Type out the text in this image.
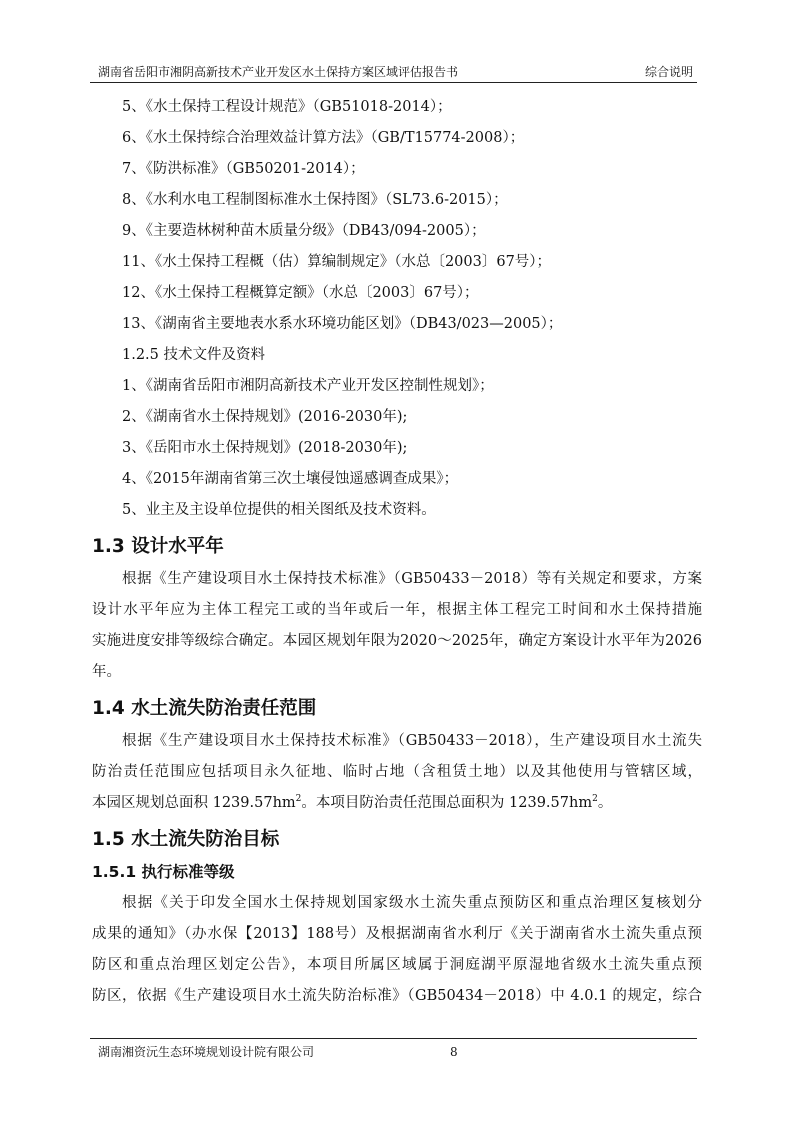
湖南省岳阳市湘阴高新技术产业开发区水土保持方案区域评估报告书	综合说明
5、《水土保持工程设计规范》（GB51018-2014）；
6、《水土保持综合治理效益计算方法》（GB/T15774-2008）；
7、《防洪标准》（GB50201-2014）；
8、《水利水电工程制图标准水土保持图》（SL73.6-2015）；
9、《主要造林树种苗木质量分级》（DB43/094-2005）；
11、《水土保持工程概（估）算编制规定》（水总〔2003〕67号）；
12、《水土保持工程概算定额》（水总〔2003〕67号）；
13、《湖南省主要地表水系水环境功能区划》（DB43/023—2005）；
1.2.5 技术文件及资料
1、《湖南省岳阳市湘阴高新技术产业开发区控制性规划》；
2、《湖南省水土保持规划》(2016-2030年);
3、《岳阳市水土保持规划》(2018-2030年);
4、《2015年湖南省第三次土壤侵蚀遥感调查成果》；
5、业主及主设单位提供的相关图纸及技术资料。
1.3 设计水平年
根据《生产建设项目水土保持技术标准》（GB50433－2018）等有关规定和要求，方案
设计水平年应为主体工程完工或的当年或后一年，根据主体工程完工时间和水土保持措施
实施进度安排等级综合确定。本园区规划年限为2020～2025年，确定方案设计水平年为2026
年。
1.4 水土流失防治责任范围
根据《生产建设项目水土保持技术标准》（GB50433－2018），生产建设项目水土流失
防治责任范围应包括项目永久征地、临时占地（含租赁土地）以及其他使用与管辖区域，
本园区规划总面积 $1239.57hm^2$。本项目防治责任范围总面积为 $1239.57hm^2$。
1.5 水土流失防治目标
1.5.1 执行标准等级
根据《关于印发全国水土保持规划国家级水土流失重点预防区和重点治理区复核划分
成果的通知》（办水保【2013】188号）及根据湖南省水利厅《关于湖南省水土流失重点预
防区和重点治理区划定公告》，本项目所属区域属于洞庭湖平原湿地省级水土流失重点预
防区，依据《生产建设项目水土流失防治标准》（GB50434－2018）中 4.0.1 的规定，综合
湖南湘资沅生态环境规划设计院有限公司	8
